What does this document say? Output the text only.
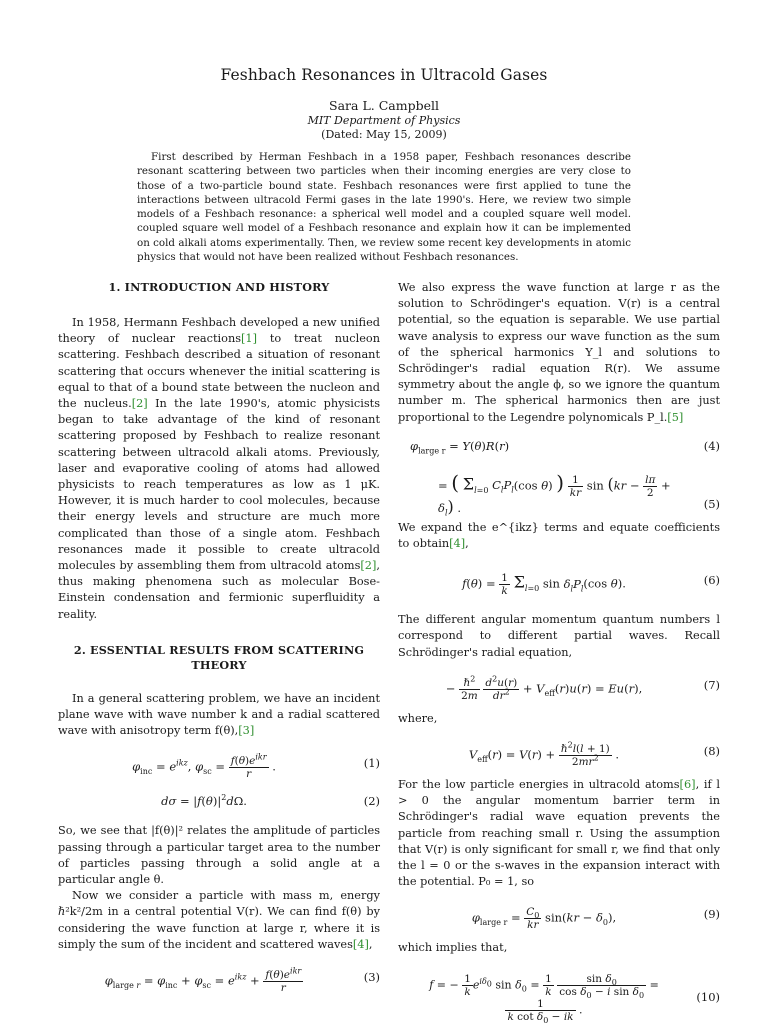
Feshbach Resonances in Ultracold Gases
Sara L. Campbell
MIT Department of Physics
(Dated: May 15, 2009)

First described by Herman Feshbach in a 1958 paper, Feshbach resonances describe resonant scattering between two particles when their incoming energies are very close to those of a two-particle bound state. Feshbach resonances were first applied to tune the interactions between ultracold Fermi gases in the late 1990's. Here, we review two simple models of a Feshbach resonance: a spherical well model and a coupled square well model. coupled square well model of a Feshbach resonance and explain how it can be implemented on cold alkali atoms experimentally. Then, we review some recent key developments in atomic physics that would not have been realized without Feshbach resonances.

1. INTRODUCTION AND HISTORY

In 1958, Hermann Feshbach developed a new unified theory of nuclear reactions[1] to treat nucleon scattering. Feshbach described a situation of resonant scattering that occurs whenever the initial scattering is equal to that of a bound state between the nucleon and the nucleus.[2] In the late 1990's, atomic physicists began to take advantage of the kind of resonant scattering proposed by Feshbach to realize resonant scattering between ultracold alkali atoms. Previously, laser and evaporative cooling of atoms had allowed physicists to reach temperatures as low as 1 μK. However, it is much harder to cool molecules, because their energy levels and structure are much more complicated than those of a single atom. Feshbach resonances made it possible to create ultracold molecules by assembling them from ultracold atoms[2], thus making phenomena such as molecular Bose-Einstein condensation and fermionic superfluidity a reality.

2. ESSENTIAL RESULTS FROM SCATTERING THEORY

In a general scattering problem, we have an incident plane wave with wave number k and a radial scattered wave with anisotropy term f(θ),[3]

$\varphi_{inc} = e^{ikz}$, $\varphi_{sc} = \frac{f(\theta)e^{ikr}}{r}$ .	(1)
$d\sigma = |f(\theta)|^2d\Omega$.	(2)

So, we see that |f(θ)|² relates the amplitude of particles passing through a particular target area to the number of particles passing through a solid angle at a particular angle θ.

Now we consider a particle with mass m, energy ℏ²k²/2m in a central potential V(r). We can find f(θ) by considering the wave function at large r, where it is simply the sum of the incident and scattered waves[4],

$\varphi_{large r} = \varphi_{inc} + \varphi_{sc} = e^{ikz} + \frac{f(\theta)e^{ikr}}{r}$	(3)

We also express the wave function at large r as the solution to Schrödinger's equation. V(r) is a central potential, so the equation is separable. We use partial wave analysis to express our wave function as the sum of the spherical harmonics Y_l and solutions to Schrödinger's radial equation R(r). We assume symmetry about the angle ϕ, so we ignore the quantum number m. The spherical harmonics then are just proportional to the Legendre polynomicals P_l.[5]

$\varphi_{large r} = Y(\theta)R(r)$	(4)
= ( $\Sigma_{l=0}$ $C_lP_l(\cos$ θ) ) $\frac{1}{kr}$ $\sin (kr - \frac{l\pi}{2} + \delta_l)$ .	(5)

We expand the e^{ikz} terms and equate coefficients to obtain[4],

$f(\theta) = \frac{1}{k} \Sigma_{l=0}$ $\sin \delta_lP_l(\cos$ θ).	(6)

The different angular momentum quantum numbers l correspond to different partial waves. Recall Schrödinger's radial equation,

− $\frac{\hbar^2}{2m}$
$\frac{d^2u(r)}{dr^2} + V_{eff}(r)u(r) = Eu(r)$,	(7)

where,

$V_{eff}(r) = V(r) + \frac{\hbar^2l(l + 1)}{2mr^2}$ .	(8)

For the low particle energies in ultracold atoms[6], if l > 0 the angular momentum barrier term in Schrödinger's radial wave equation prevents the particle from reaching small r. Using the assumption that V(r) is only significant for small r, we find that only the l = 0 or the s-waves in the expansion interact with the potential. P₀ = 1, so

$\varphi_{large r} = \frac{C_0}{kr} \sin(kr - \delta_0)$,	(9)

which implies that,

f = − $\frac{1}{k} e^{i\delta_0}$ $\sin \delta_0 = \frac{1}{k}$
$\frac{\sin \delta_0}{\cos \delta_0 - i \sin \delta_0}$ =
$\frac{1}{k \cot \delta_0 - ik}$ .
(10)
